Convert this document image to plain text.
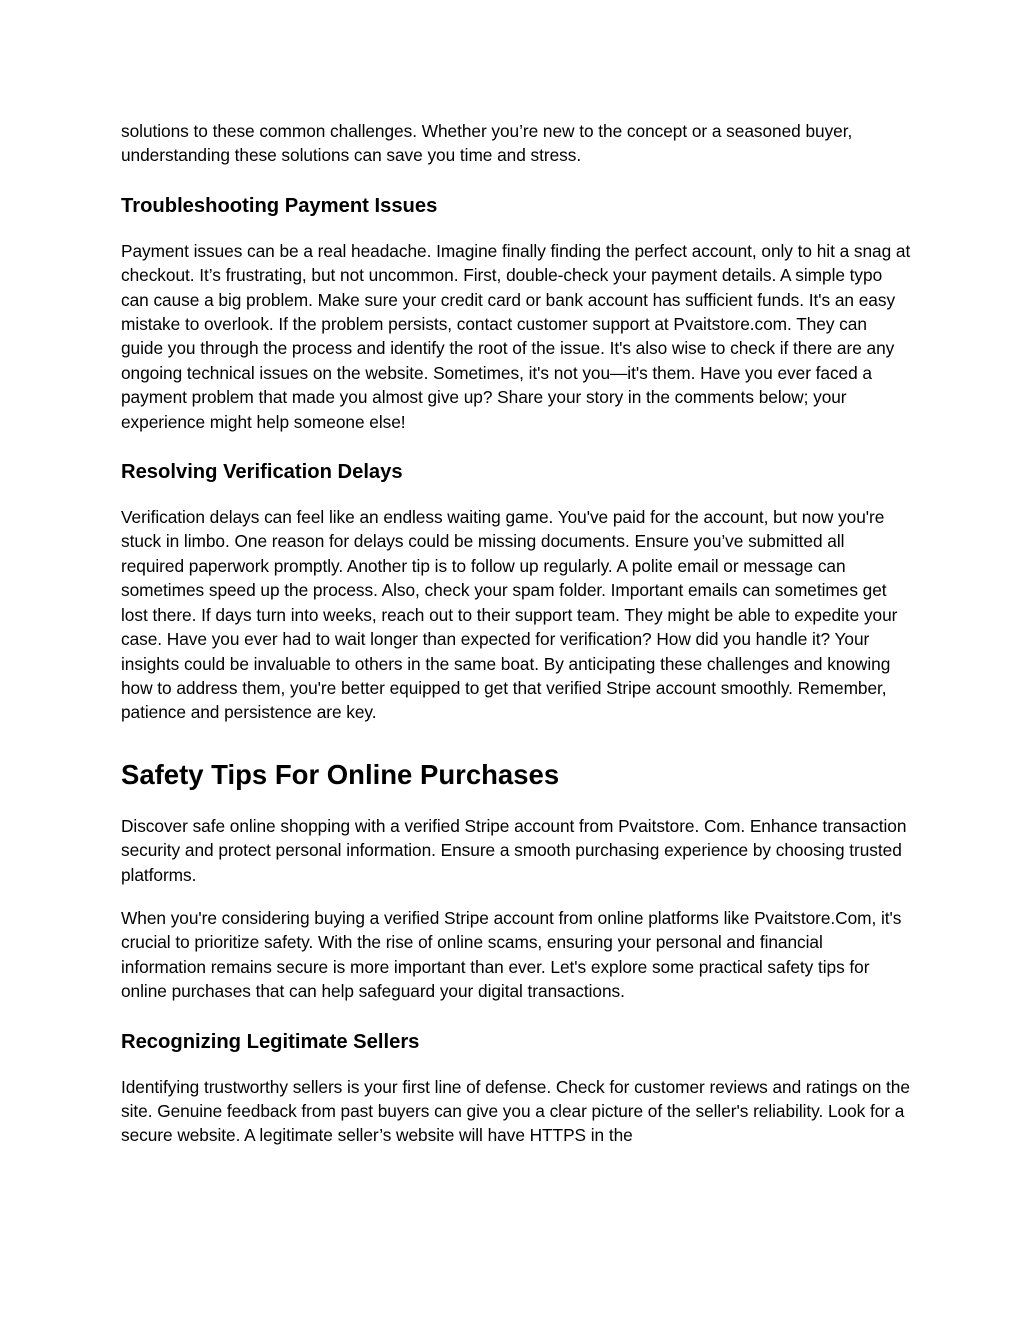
solutions to these common challenges. Whether you’re new to the concept or a seasoned buyer, understanding these solutions can save you time and stress.

Troubleshooting Payment Issues

Payment issues can be a real headache. Imagine finally finding the perfect account, only to hit a snag at checkout. It’s frustrating, but not uncommon. First, double-check your payment details. A simple typo can cause a big problem. Make sure your credit card or bank account has sufficient funds. It's an easy mistake to overlook. If the problem persists, contact customer support at Pvaitstore.com. They can guide you through the process and identify the root of the issue. It's also wise to check if there are any ongoing technical issues on the website. Sometimes, it's not you—it's them. Have you ever faced a payment problem that made you almost give up? Share your story in the comments below; your experience might help someone else!

Resolving Verification Delays

Verification delays can feel like an endless waiting game. You've paid for the account, but now you're stuck in limbo. One reason for delays could be missing documents. Ensure you’ve submitted all required paperwork promptly. Another tip is to follow up regularly. A polite email or message can sometimes speed up the process. Also, check your spam folder. Important emails can sometimes get lost there. If days turn into weeks, reach out to their support team. They might be able to expedite your case. Have you ever had to wait longer than expected for verification? How did you handle it? Your insights could be invaluable to others in the same boat. By anticipating these challenges and knowing how to address them, you're better equipped to get that verified Stripe account smoothly. Remember, patience and persistence are key.

Safety Tips For Online Purchases

Discover safe online shopping with a verified Stripe account from Pvaitstore. Com. Enhance transaction security and protect personal information. Ensure a smooth purchasing experience by choosing trusted platforms.

When you're considering buying a verified Stripe account from online platforms like Pvaitstore.Com, it's crucial to prioritize safety. With the rise of online scams, ensuring your personal and financial information remains secure is more important than ever. Let's explore some practical safety tips for online purchases that can help safeguard your digital transactions.

Recognizing Legitimate Sellers

Identifying trustworthy sellers is your first line of defense. Check for customer reviews and ratings on the site. Genuine feedback from past buyers can give you a clear picture of the seller's reliability. Look for a secure website. A legitimate seller’s website will have HTTPS in the
